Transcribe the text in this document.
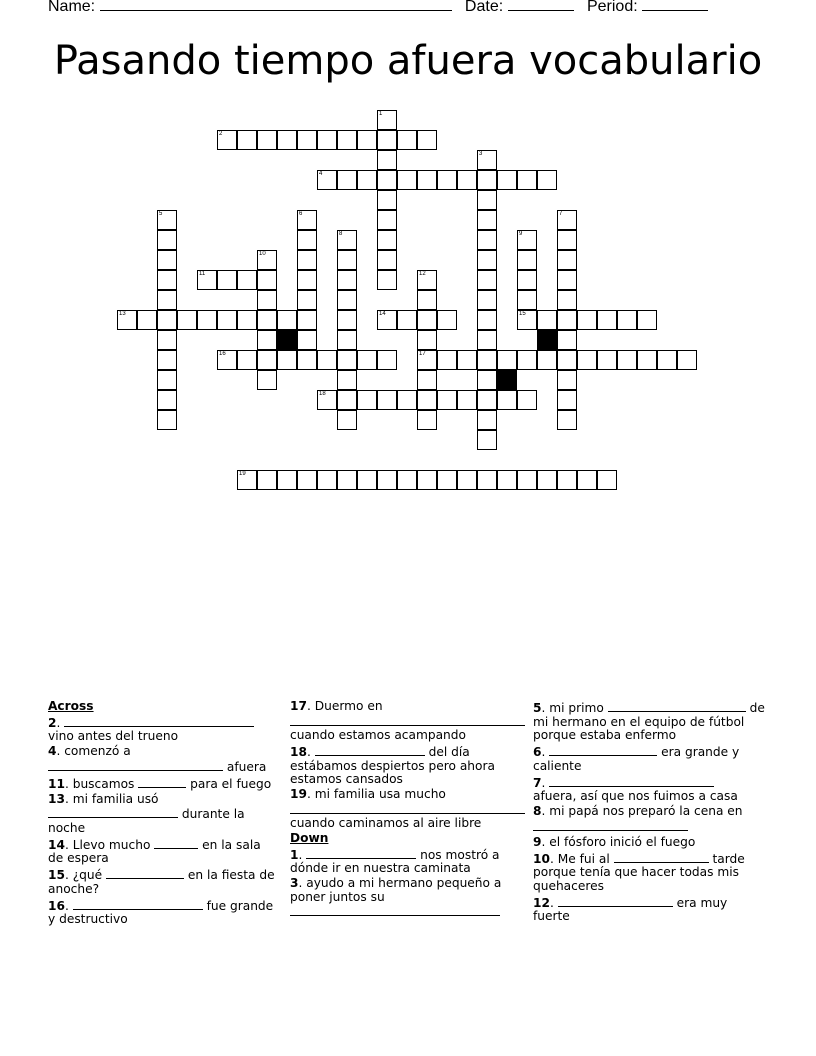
Name:	Date:	Period:
Pasando tiempo afuera vocabulario
1
2
3
4
5	6	7
8	9
15
10
11	12
17
13	14
16
18
19
Across
2.
vino antes del trueno
4. comenzó a
afuera
11. buscamos	para el fuego
13. mi familia usó
durante la noche
14. Llevo mucho	en la sala de espera
15. ¿qué	en la fiesta de anoche?
16.	fue grande y destructivo
17. Duermo en

cuando estamos acampando
18.	del día estábamos despiertos pero ahora estamos cansados
19. mi familia usa mucho

cuando caminamos al aire libre
Down
1.	nos mostró a dónde ir en nuestra caminata
3. ayudo a mi hermano pequeño a poner juntos su

5. mi primo	de mi hermano en el equipo de fútbol porque estaba enfermo
6.	era grande y caliente
7.
afuera, así que nos fuimos a casa
8. mi papá nos preparó la cena en

9. el fósforo inició el fuego
10. Me fui al	tarde porque tenía que hacer todas mis quehaceres
12.	era muy fuerte
